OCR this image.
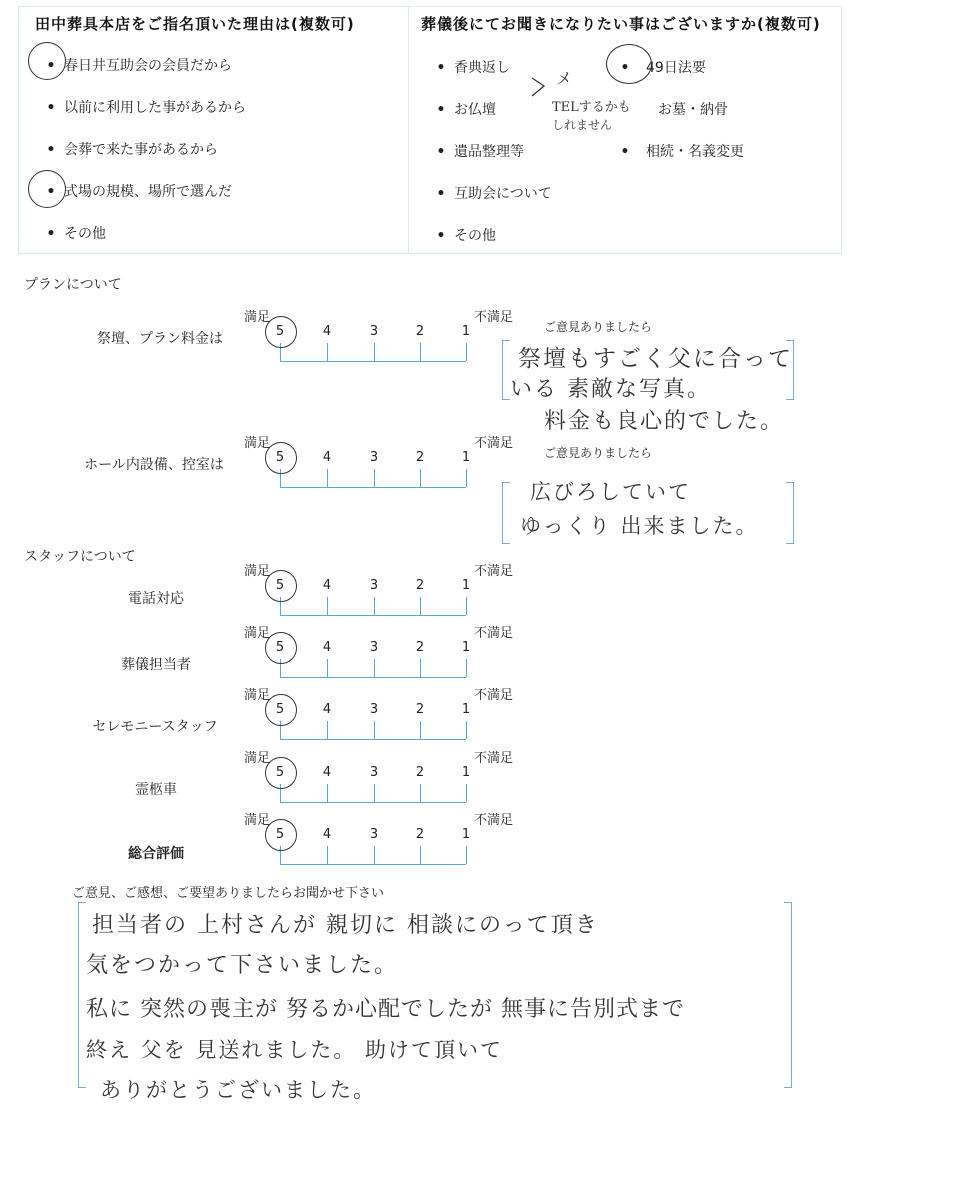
田中葬具本店をご指名頂いた理由は(複数可)
• 春日井互助会の会員だから
• 以前に利用した事があるから
• 会葬で来た事があるから
• 式場の規模、場所で選んだ
• その他
葬儀後にてお聞きになりたい事はございますか(複数可)
• 香典返し
• お仏壇
• 遺品整理等
• 互助会について
• その他
• 49日法要
お墓・納骨
• 相続・名義変更
メ
TELするかも
しれません
プランについて
スタッフについて
祭壇、プラン料金は
満足	不満足
5	4	3	2	1
ホール内設備、控室は
満足	不満足
5	4	3	2	1
電話対応
満足	不満足
5	4	3	2	1
葬儀担当者
満足	不満足
5	4	3	2	1
セレモニースタッフ
満足	不満足
5	4	3	2	1
霊柩車
満足	不満足
5	4	3	2	1
総合評価
満足	不満足
5	4	3	2	1
ご意見ありましたら
祭壇もすごく父に合って
いる 素敵な写真。
料金も良心的でした。
ご意見ありましたら
広びろしていて
ゆっくり 出来ました。
ご意見、ご感想、ご要望ありましたらお聞かせ下さい
担当者の 上村さんが 親切に 相談にのって頂き
気をつかって下さいました。
私に 突然の喪主が 努るか心配でしたが 無事に告別式まで
終え 父を 見送れました。 助けて頂いて
ありがとうございました。
